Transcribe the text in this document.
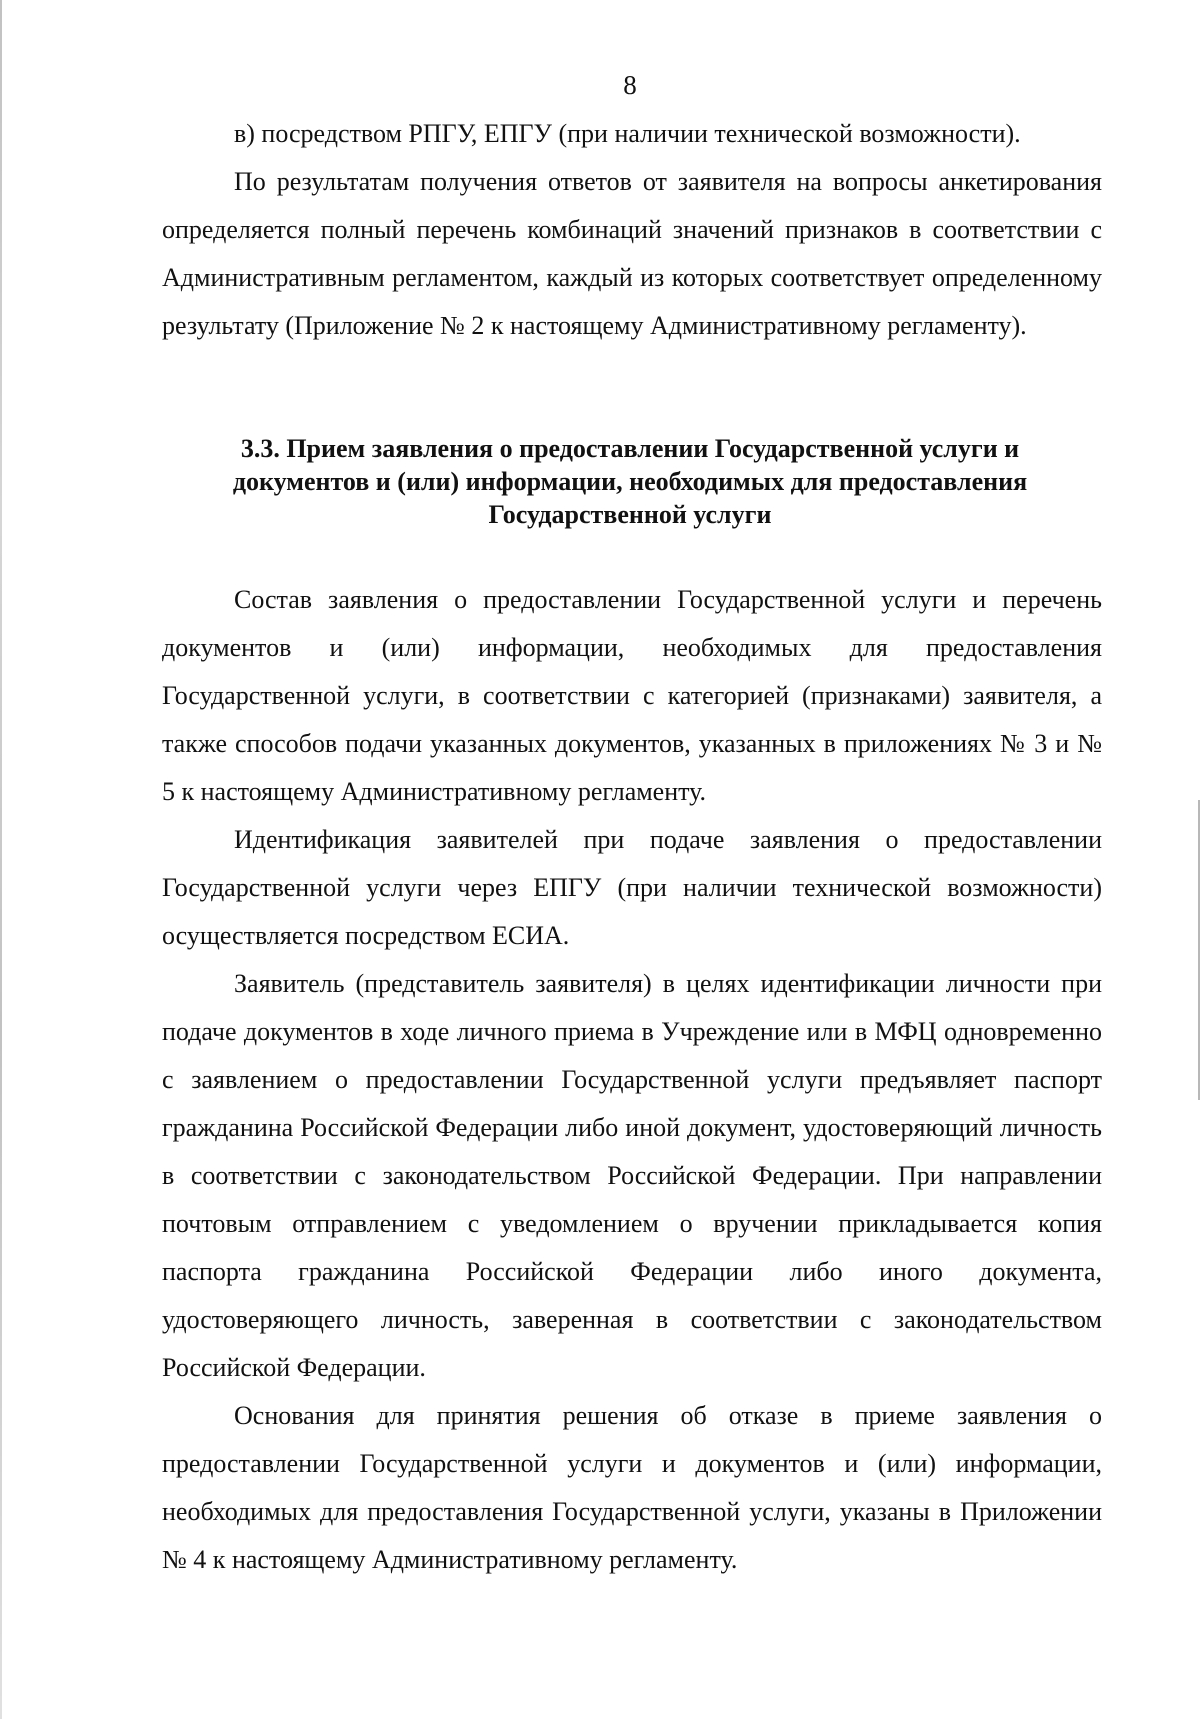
8

в) посредством РПГУ, ЕПГУ (при наличии технической возможности).

По результатам получения ответов от заявителя на вопросы анкетирования определяется полный перечень комбинаций значений признаков в соответствии с Административным регламентом, каждый из которых соответствует определенному результату (Приложение № 2 к настоящему Административному регламенту).

3.3. Прием заявления о предоставлении Государственной услуги и документов и (или) информации, необходимых для предоставления Государственной услуги

Состав заявления о предоставлении Государственной услуги и перечень документов и (или) информации, необходимых для предоставления Государственной услуги, в соответствии с категорией (признаками) заявителя, а также способов подачи указанных документов, указанных в приложениях № 3 и № 5 к настоящему Административному регламенту.

Идентификация заявителей при подаче заявления о предоставлении Государственной услуги через ЕПГУ (при наличии технической возможности) осуществляется посредством ЕСИА.

Заявитель (представитель заявителя) в целях идентификации личности при подаче документов в ходе личного приема в Учреждение или в МФЦ одновременно с заявлением о предоставлении Государственной услуги предъявляет паспорт гражданина Российской Федерации либо иной документ, удостоверяющий личность в соответствии с законодательством Российской Федерации. При направлении почтовым отправлением с уведомлением о вручении прикладывается копия паспорта гражданина Российской Федерации либо иного документа, удостоверяющего личность, заверенная в соответствии с законодательством Российской Федерации.

Основания для принятия решения об отказе в приеме заявления о предоставлении Государственной услуги и документов и (или) информации, необходимых для предоставления Государственной услуги, указаны в Приложении № 4 к настоящему Административному регламенту.
